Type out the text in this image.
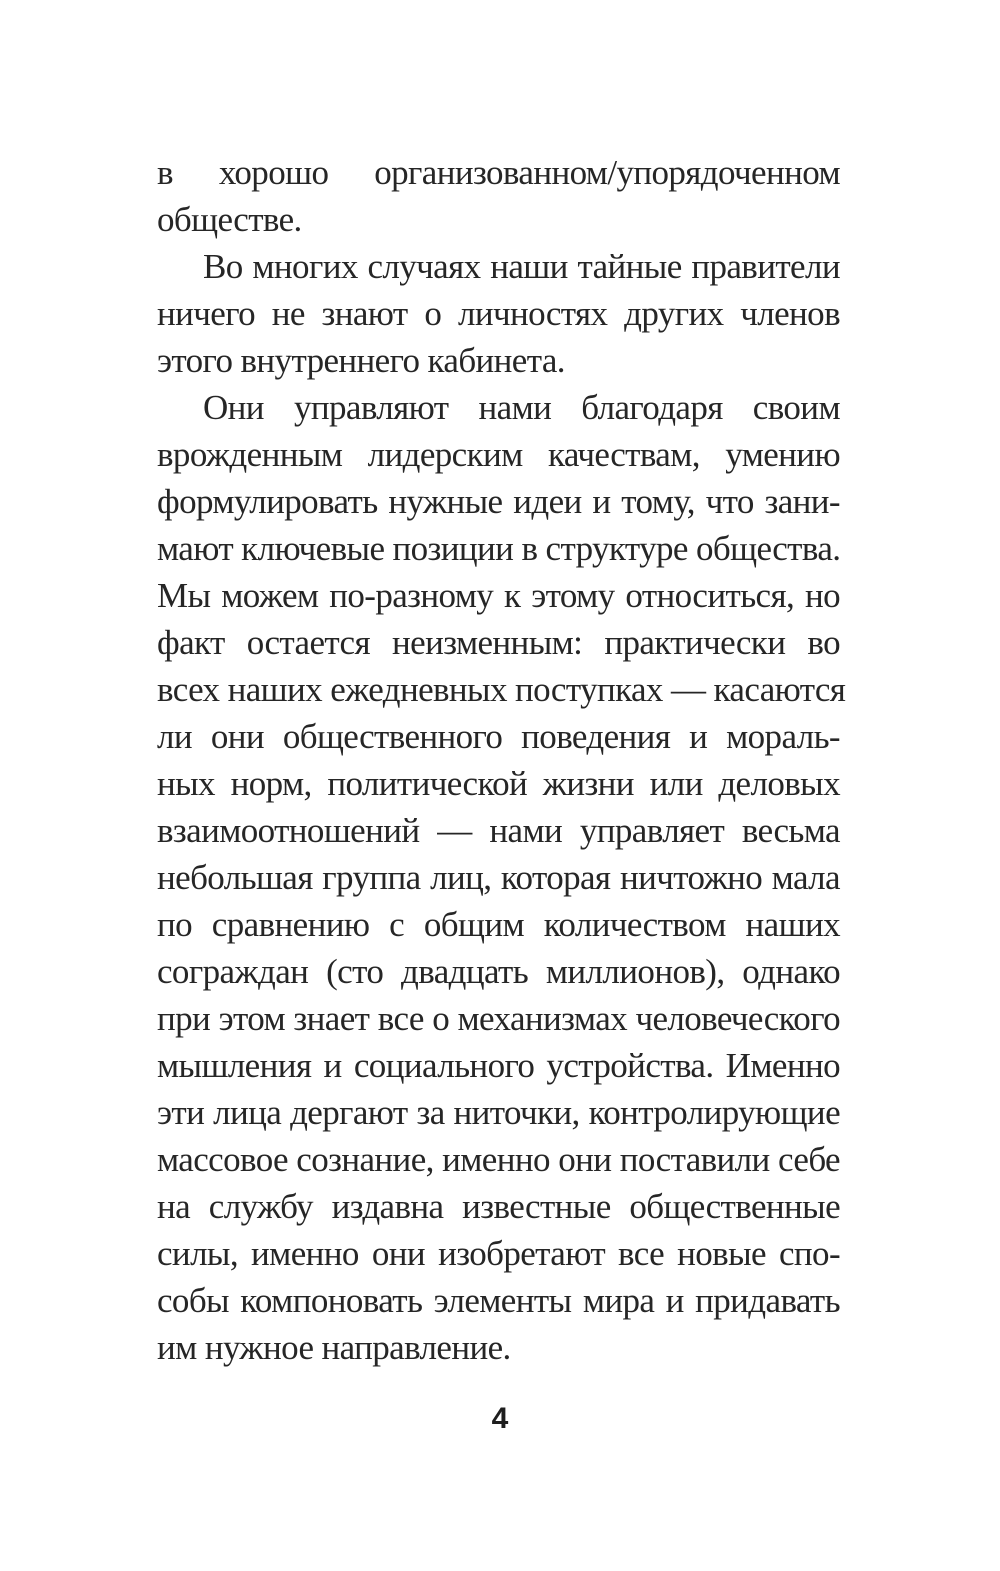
в хорошо организованном/упорядоченном
обществе.
Во многих случаях наши тайные правители
ничего не знают о личностях других членов
этого внутреннего кабинета.
Они управляют нами благодаря своим
врожденным лидерским качествам, умению
формулировать нужные идеи и тому, что зани-
мают ключевые позиции в структуре общества.
Мы можем по-разному к этому относиться, но
факт остается неизменным: практически во
всех наших ежедневных поступках — касаются
ли они общественного поведения и мораль-
ных норм, политической жизни или деловых
взаимоотношений — нами управляет весьма
небольшая группа лиц, которая ничтожно мала
по сравнению с общим количеством наших
сограждан (сто двадцать миллионов), однако
при этом знает все о механизмах человеческого
мышления и социального устройства. Именно
эти лица дергают за ниточки, контролирующие
массовое сознание, именно они поставили себе
на службу издавна известные общественные
силы, именно они изобретают все новые спо-
собы компоновать элементы мира и придавать
им нужное направление.
4
